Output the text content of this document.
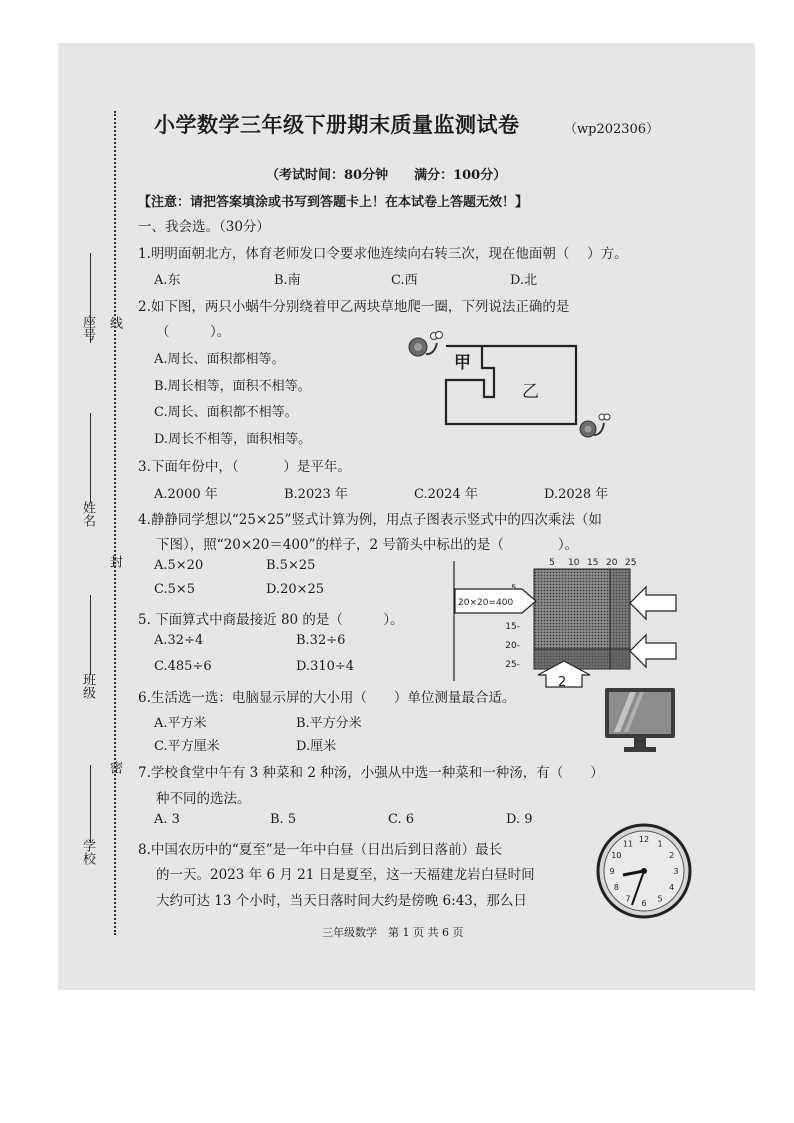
座号 线
姓名
封
班级
密
学校
小学数学三年级下册期末质量监测试卷	（wp202306）
（考试时间：80分钟　　满分：100分）
【注意：请把答案填涂或书写到答题卡上！在本试卷上答题无效！】
一、我会选。（30分）
1.明明面朝北方，体育老师发口令要求他连续向右转三次，现在他面朝（　 ）方。
A.东	B.南	C.西	D.北
2.如下图，两只小蜗牛分别绕着甲乙两块草地爬一圈，下列说法正确的是
（　　　）。
A.周长、面积都相等。
B.周长相等，面积不相等。
C.周长、面积都不相等。
D.周长不相等，面积相等。
甲
乙
3.下面年份中，（　　　 ）是平年。
A.2000 年	B.2023 年	C.2024 年	D.2028 年
4.静静同学想以“25×25”竖式计算为例，用点子图表示竖式中的四次乘法（如
下图），照“20×20＝400”的样子，2 号箭头中标出的是（　　　　）。
A.5×20	B.5×25
C.5×5	D.20×25
5 10 15 20 25
15-
20-
25-
20×20=400
2
5. 下面算式中商最接近 80 的是（　　　）。
A.32÷4	B.32÷6
C.485÷6	D.310÷4
6.生活选一选：电脑显示屏的大小用（　　）单位测量最合适。
A.平方米	B.平方分米
C.平方厘米	D.厘米
7.学校食堂中午有 3 种菜和 2 种汤，小强从中选一种菜和一种汤，有（　　）
种不同的选法。
A. 3	B. 5	C. 6	D. 9
8.中国农历中的“夏至”是一年中白昼（日出后到日落前）最长
的一天。2023 年 6 月 21 日是夏至，这一天福建龙岩白昼时间
大约可达 13 个小时，当天日落时间大约是傍晚 6:43，那么日
1
2
3
4
5
6
7
8
9
10
11 12
三年级数学　第 1 页 共 6 页
